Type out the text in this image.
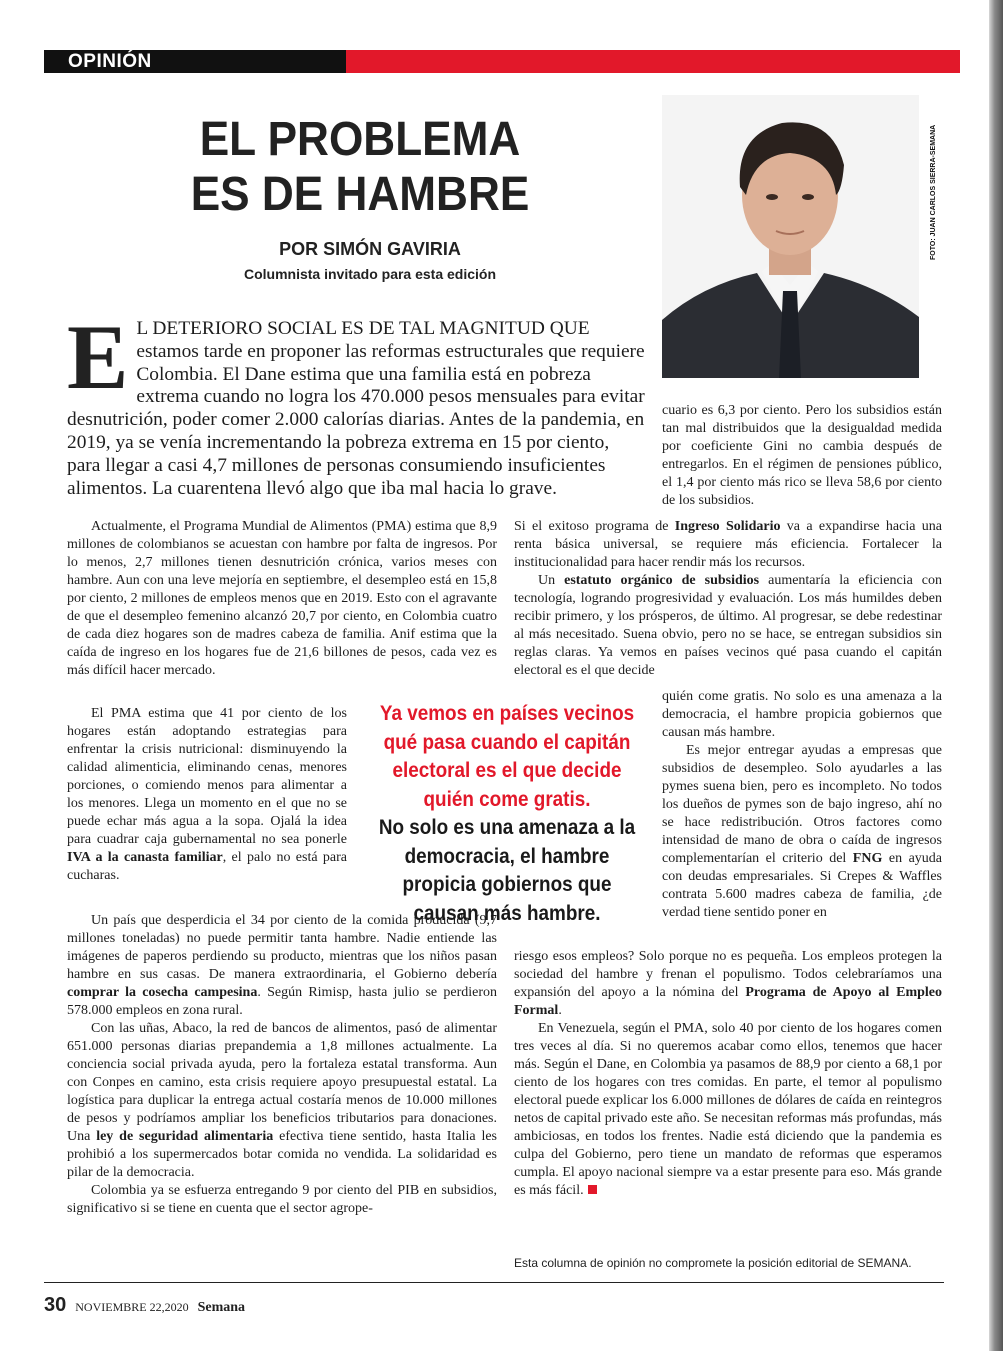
OPINIÓN
EL PROBLEMA
ES DE HAMBRE
POR SIMÓN GAVIRIA
Columnista invitado para esta edición
FOTO: JUAN CARLOS SIERRA-SEMANA
E L DETERIORO SOCIAL ES DE TAL MAGNITUD QUE estamos tarde en proponer las reformas estructurales que requiere Colombia. El Dane estima que una familia está en pobreza extrema cuando no logra los 470.000 pesos mensuales para evitar desnutrición, poder comer 2.000 calorías diarias. Antes de la pandemia, en 2019, ya se venía incrementando la pobreza extrema en 15 por ciento, para llegar a casi 4,7 millones de personas consumiendo insuficientes alimentos. La cuarentena llevó algo que iba mal hacia lo grave.

cuario es 6,3 por ciento. Pero los subsidios están tan mal distribuidos que la desigualdad medida por coeficiente Gini no cambia después de entregarlos. En el régimen de pensiones público, el 1,4 por ciento más rico se lleva 58,6 por ciento de los subsidios.

Actualmente, el Programa Mundial de Alimentos (PMA) estima que 8,9 millones de colombianos se acuestan con hambre por falta de ingresos. Por lo menos, 2,7 millones tienen desnutrición crónica, varios meses con hambre. Aun con una leve mejoría en septiembre, el desempleo está en 15,8 por ciento, 2 millones de empleos menos que en 2019. Esto con el agravante de que el desempleo femenino alcanzó 20,7 por ciento, en Colombia cuatro de cada diez hogares son de madres cabeza de familia. Anif estima que la caída de ingreso en los hogares fue de 21,6 billones de pesos, cada vez es más difícil hacer mercado.

El PMA estima que 41 por ciento de los hogares están adoptando estrategias para enfrentar la crisis nutricional: disminuyendo la calidad alimenticia, eliminando cenas, menores porciones, o comiendo menos para alimentar a los menores. Llega un momento en el que no se puede echar más agua a la sopa. Ojalá la idea para cuadrar caja gubernamental no sea ponerle IVA a la canasta familiar, el palo no está para cucharas.

Un país que desperdicia el 34 por ciento de la comida producida (9,7 millones toneladas) no puede permitir tanta hambre. Nadie entiende las imágenes de paperos perdiendo su producto, mientras que los niños pasan hambre en sus casas. De manera extraordinaria, el Gobierno debería comprar la cosecha campesina. Según Rimisp, hasta julio se perdieron 578.000 empleos en zona rural.

Con las uñas, Abaco, la red de bancos de alimentos, pasó de alimentar 651.000 personas diarias prepandemia a 1,8 millones actualmente. La conciencia social privada ayuda, pero la fortaleza estatal transforma. Aun con Conpes en camino, esta crisis requiere apoyo presupuestal estatal. La logística para duplicar la entrega actual costaría menos de 10.000 millones de pesos y podríamos ampliar los beneficios tributarios para donaciones. Una ley de seguridad alimentaria efectiva tiene sentido, hasta Italia les prohibió a los supermercados botar comida no vendida. La solidaridad es pilar de la democracia.

Colombia ya se esfuerza entregando 9 por ciento del PIB en subsidios, significativo si se tiene en cuenta que el sector agrope-

Ya vemos en países vecinos qué pasa cuando el capitán electoral es el que decide quién come gratis.
No solo es una amenaza a la democracia, el hambre propicia gobiernos que causan más hambre.

Si el exitoso programa de Ingreso Solidario va a expandirse hacia una renta básica universal, se requiere más eficiencia. Fortalecer la institucionalidad para hacer rendir más los recursos.

Un estatuto orgánico de subsidios aumentaría la eficiencia con tecnología, logrando progresividad y evaluación. Los más humildes deben recibir primero, y los prósperos, de último. Al progresar, se debe redestinar al más necesitado. Suena obvio, pero no se hace, se entregan subsidios sin reglas claras. Ya vemos en países vecinos qué pasa cuando el capitán electoral es el que decide

quién come gratis. No solo es una amenaza a la democracia, el hambre propicia gobiernos que causan más hambre.

Es mejor entregar ayudas a empresas que subsidios de desempleo. Solo ayudarles a las pymes suena bien, pero es incompleto. No todos los dueños de pymes son de bajo ingreso, ahí no se hace redistribución. Otros factores como intensidad de mano de obra o caída de ingresos complementarían el criterio del FNG en ayuda con deudas empresariales. Si Crepes & Waffles contrata 5.600 madres cabeza de familia, ¿de verdad tiene sentido poner en

riesgo esos empleos? Solo porque no es pequeña. Los empleos protegen la sociedad del hambre y frenan el populismo. Todos celebraríamos una expansión del apoyo a la nómina del Programa de Apoyo al Empleo Formal.

En Venezuela, según el PMA, solo 40 por ciento de los hogares comen tres veces al día. Si no queremos acabar como ellos, tenemos que hacer más. Según el Dane, en Colombia ya pasamos de 88,9 por ciento a 68,1 por ciento de los hogares con tres comidas. En parte, el temor al populismo electoral puede explicar los 6.000 millones de dólares de caída en reintegros netos de capital privado este año. Se necesitan reformas más profundas, más ambiciosas, en todos los frentes. Nadie está diciendo que la pandemia es culpa del Gobierno, pero tiene un mandato de reformas que esperamos cumpla. El apoyo nacional siempre va a estar presente para eso. Más grande es más fácil.

Esta columna de opinión no compromete la posición editorial de SEMANA.
30 NOVIEMBRE 22,2020 Semana
